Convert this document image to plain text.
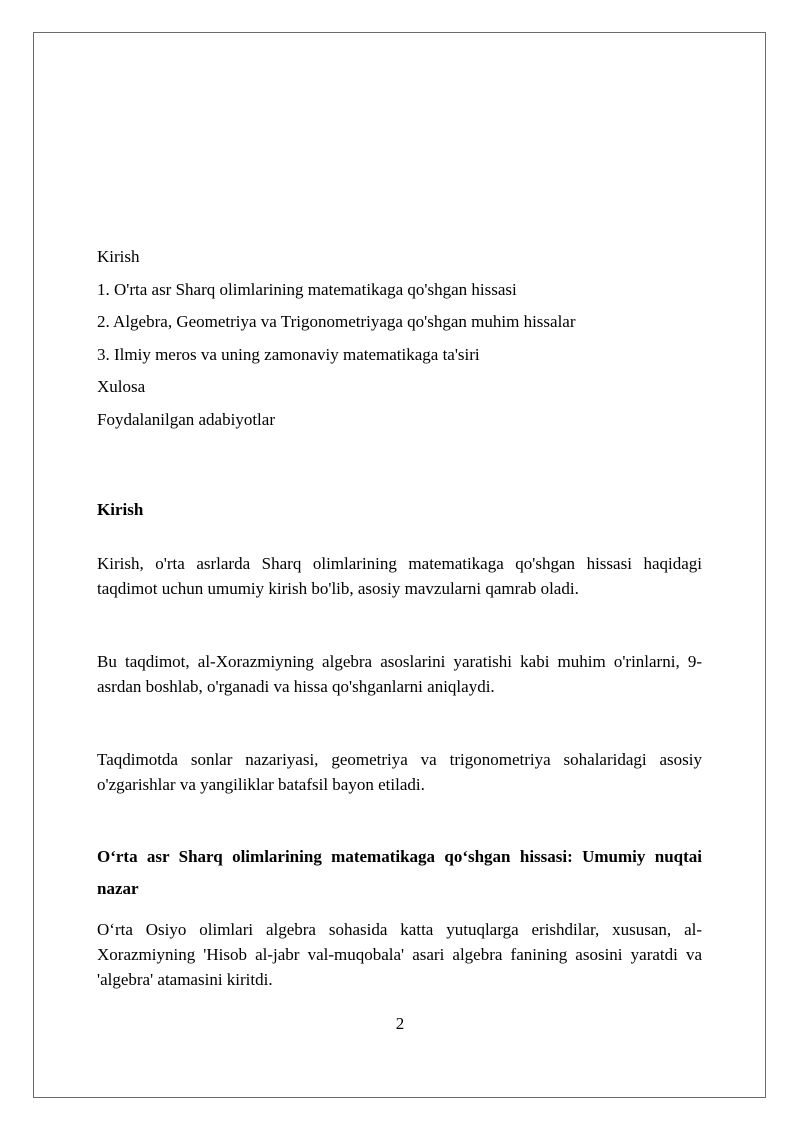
Kirish
1. O'rta asr Sharq olimlarining matematikaga qo'shgan hissasi
2. Algebra, Geometriya va Trigonometriyaga qo'shgan muhim hissalar
3. Ilmiy meros va uning zamonaviy matematikaga ta'siri
Xulosa
Foydalanilgan adabiyotlar
Kirish
Kirish, o'rta asrlarda Sharq olimlarining matematikaga qo'shgan hissasi haqidagi taqdimot uchun umumiy kirish bo'lib, asosiy mavzularni qamrab oladi.
Bu taqdimot, al-Xorazmiyning algebra asoslarini yaratishi kabi muhim o'rinlarni, 9-asrdan boshlab, o'rganadi va hissa qo'shganlarni aniqlaydi.
Taqdimotda sonlar nazariyasi, geometriya va trigonometriya sohalaridagi asosiy o'zgarishlar va yangiliklar batafsil bayon etiladi.
O‘rta asr Sharq olimlarining matematikaga qo‘shgan hissasi: Umumiy nuqtai nazar
O‘rta Osiyo olimlari algebra sohasida katta yutuqlarga erishdilar, xususan, al-Xorazmiyning 'Hisob al-jabr val-muqobala' asari algebra fanining asosini yaratdi va 'algebra' atamasini kiritdi.
2
